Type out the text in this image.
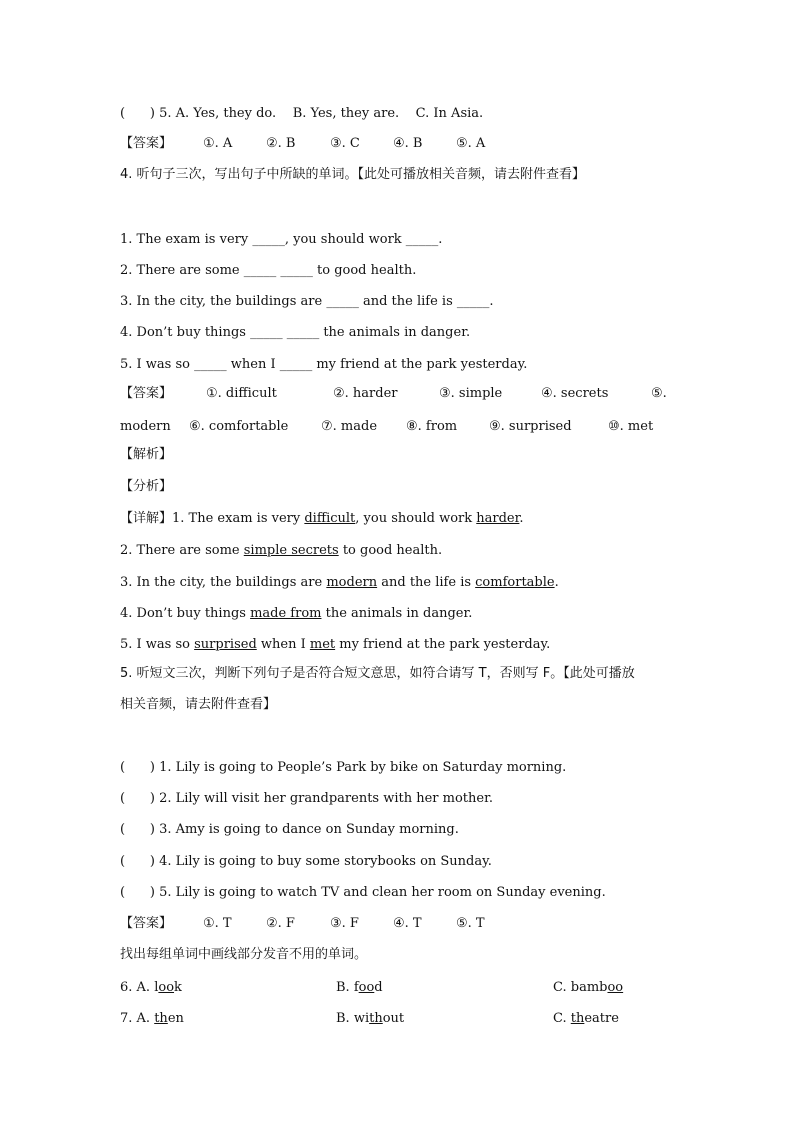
(      ) 5. A. Yes, they do.    B. Yes, they are.    C. In Asia.
【答案】 ①. A	②. B	③. C	④. B	⑤. A
4. 听句子三次，写出句子中所缺的单词。【此处可播放相关音频，请去附件查看】
1. The exam is very _____, you should work _____.
2. There are some _____ _____ to good health.
3. In the city, the buildings are _____ and the life is _____.
4. Don’t buy things _____ _____ the animals in danger.
5. I was so _____ when I _____ my friend at the park yesterday.
【答案】	①. difficult	②. harder	③. simple	④. secrets	⑤.
modern ⑥. comfortable	⑦. made ⑧. from ⑨. surprised	⑩. met
【解析】
【分析】
【详解】1. The exam is very difficult, you should work harder.
2. There are some simple secrets to good health.
3. In the city, the buildings are modern and the life is comfortable.
4. Don’t buy things made from the animals in danger.
5. I was so surprised when I met my friend at the park yesterday.
5. 听短文三次，判断下列句子是否符合短文意思，如符合请写 T，否则写 F。【此处可播放
相关音频，请去附件查看】
(      ) 1. Lily is going to People’s Park by bike on Saturday morning.
(      ) 2. Lily will visit her grandparents with her mother.
(      ) 3. Amy is going to dance on Sunday morning.
(      ) 4. Lily is going to buy some storybooks on Sunday.
(      ) 5. Lily is going to watch TV and clean her room on Sunday evening.
【答案】 ①. T	②. F	③. F	④. T	⑤. T
找出每组单词中画线部分发音不用的单词。
6. A. look	B. food	C. bamboo
7. A. then	B. without	C. theatre
